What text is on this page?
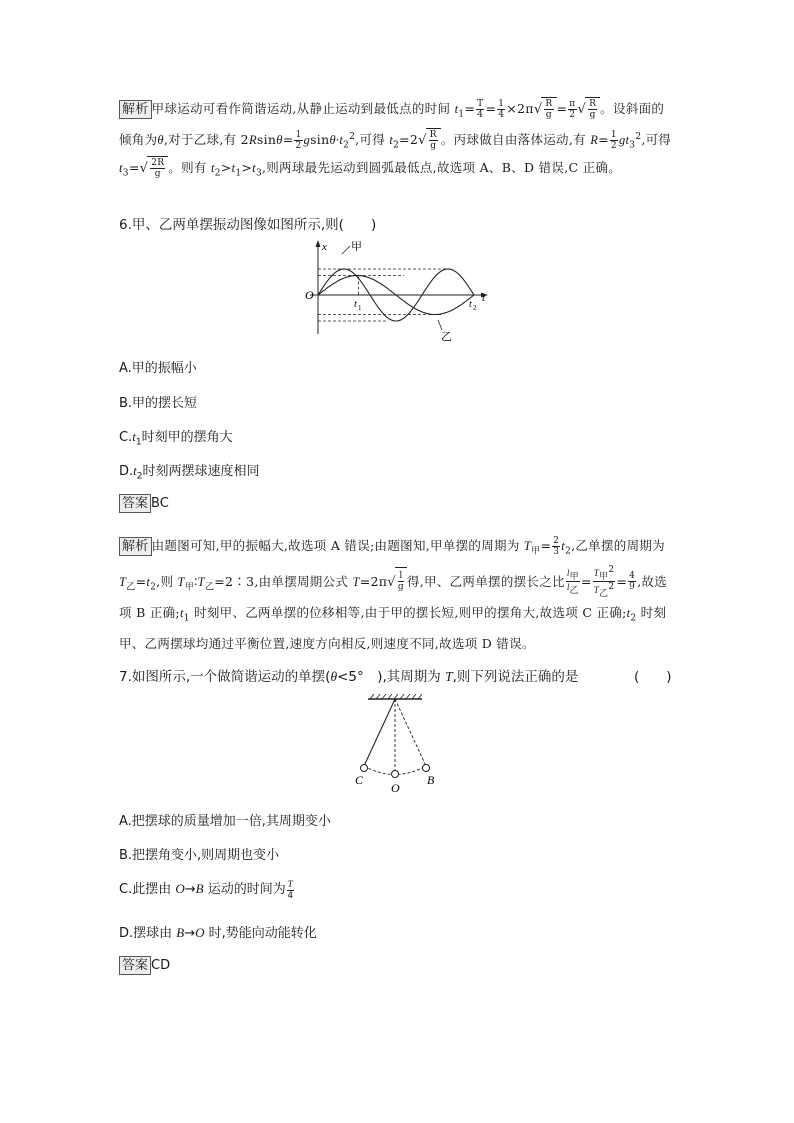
解析 甲球运动可看作简谐运动,从静止运动到最低点的时间 $t_1= \frac{T}{4} = \frac{1}{4} \times 2\pi√ \frac{R}{g} = \frac{\pi}{2}$ √ $\frac{R}{g}$ 。设斜面的倾角为θ,对于乙球,有 $2Rsin\theta= \frac{1}{2} gsin\theta\cdot t_2^2$,可得 $t_2=2√ \frac{R}{g}$ 。丙球做自由落体运动,有 $R= \frac{1}{2} gt_3^2$,可得 $t_3=√ \frac{2R}{g}$ 。则有 $t_2>t_1>t_3$,则两球最先运动到圆弧最低点,故选项 A、B、D 错误,C 正确。
6.甲、乙两单摆振动图像如图所示,则(　　)
x
t
O
甲
乙
t 1	t 2
A.甲的振幅小
B.甲的摆长短
$C.t_1$时刻甲的摆角大
$D.t_2$时刻两摆球速度相同
答案 BC
解析 由题图可知,甲的振幅大,故选项 A 错误;由题图知,甲单摆的周期为 $T_甲= \frac{2}{3} t_2$,乙单摆的周期为 $T_乙=t_2$,则 $T_甲∶T_乙=2∶3$,由单摆周期公式 $T=2\pi√ \frac{l}{g}$ 得,甲、乙两单摆的摆长之比 $\frac{l_甲}{l_乙} = \frac{T_甲^2}{T_乙^2} = \frac{4}{9}$ ,故选项 B 正确$;t_1$ 时刻甲、乙两单摆的位移相等,由于甲的摆长短,则甲的摆角大,故选项 C 正确$;t_2$ 时刻甲、乙两摆球均通过平衡位置,速度方向相反,则速度不同,故选项 D 错误。
7.如图所示,一个做简谐运动的单摆(θ<5°　),其周期为 T,则下列说法正确的是	(　　)
C
O
B
A.把摆球的质量增加一倍,其周期变小
B.把摆角变小,则周期也变小
C.此摆由 O→B 运动的时间为 $\frac{T}{4}$
D.摆球由 B→O 时,势能向动能转化
答案 CD
